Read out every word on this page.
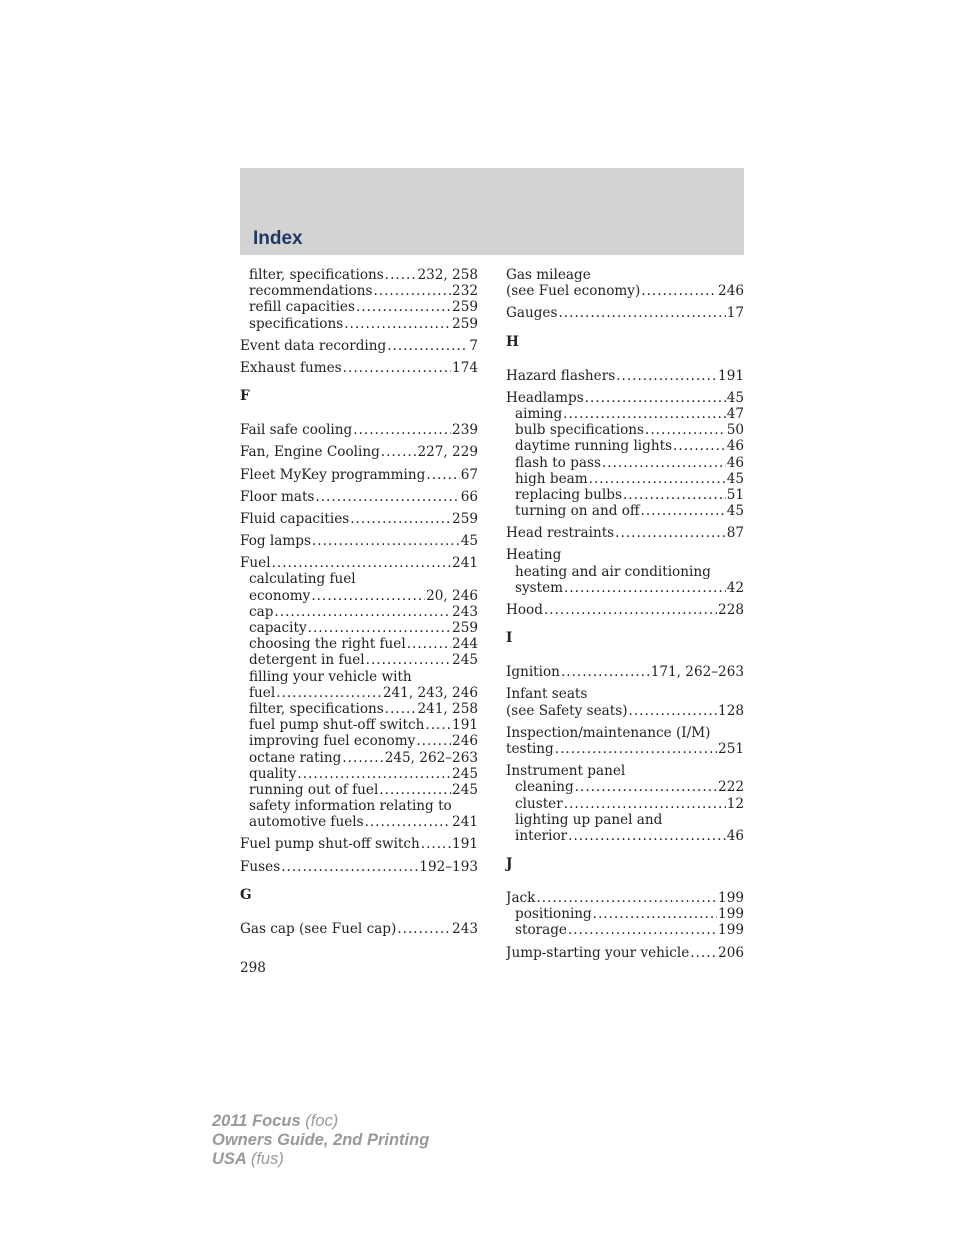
Index
filter, specifications ..... 232, 258
recommendations .....	232
refill capacities .....	259
specifications .....	259
Event data recording .....	7
Exhaust fumes .....	174
F
Fail safe cooling .....	239
Fan, Engine Cooling .....	227, 229
Fleet MyKey programming .....	67
Floor mats .....	66
Fluid capacities .....	259
Fog lamps .....	45
Fuel .....	241
calculating fuel
economy .....	20, 246
cap .....	243
capacity .....	259
choosing the right fuel .....	244
detergent in fuel .....	245
filling your vehicle with
fuel .....	241, 243, 246
filter, specifications ..... 241, 258
fuel pump shut-off switch ..... 191
improving fuel economy .....	246
octane rating .....	245, 262–263
quality .....	245
running out of fuel .....	245
safety information relating to
automotive fuels .....	241
Fuel pump shut-off switch ..... 191
Fuses .....	192–193
G
Gas cap (see Fuel cap) .....	243
Gas mileage
(see Fuel economy) .....	246
Gauges .....	17
H
Hazard flashers .....	191
Headlamps .....	45
aiming .....	47
bulb specifications .....	50
daytime running lights .....	46
flash to pass .....	46
high beam .....	45
replacing bulbs .....	51
turning on and off .....	45
Head restraints .....	87
Heating
heating and air conditioning
system .....	42
Hood .....	228
I
Ignition .....	171, 262–263
Infant seats
(see Safety seats) .....	128
Inspection/maintenance (I/M)
testing .....	251
Instrument panel
cleaning .....	222
cluster .....	12
lighting up panel and
interior .....	46
J
Jack .....	199
positioning .....	199
storage .....	199
Jump-starting your vehicle ..... 206
298
2011 Focus (foc)
Owners Guide, 2nd Printing
USA (fus)
